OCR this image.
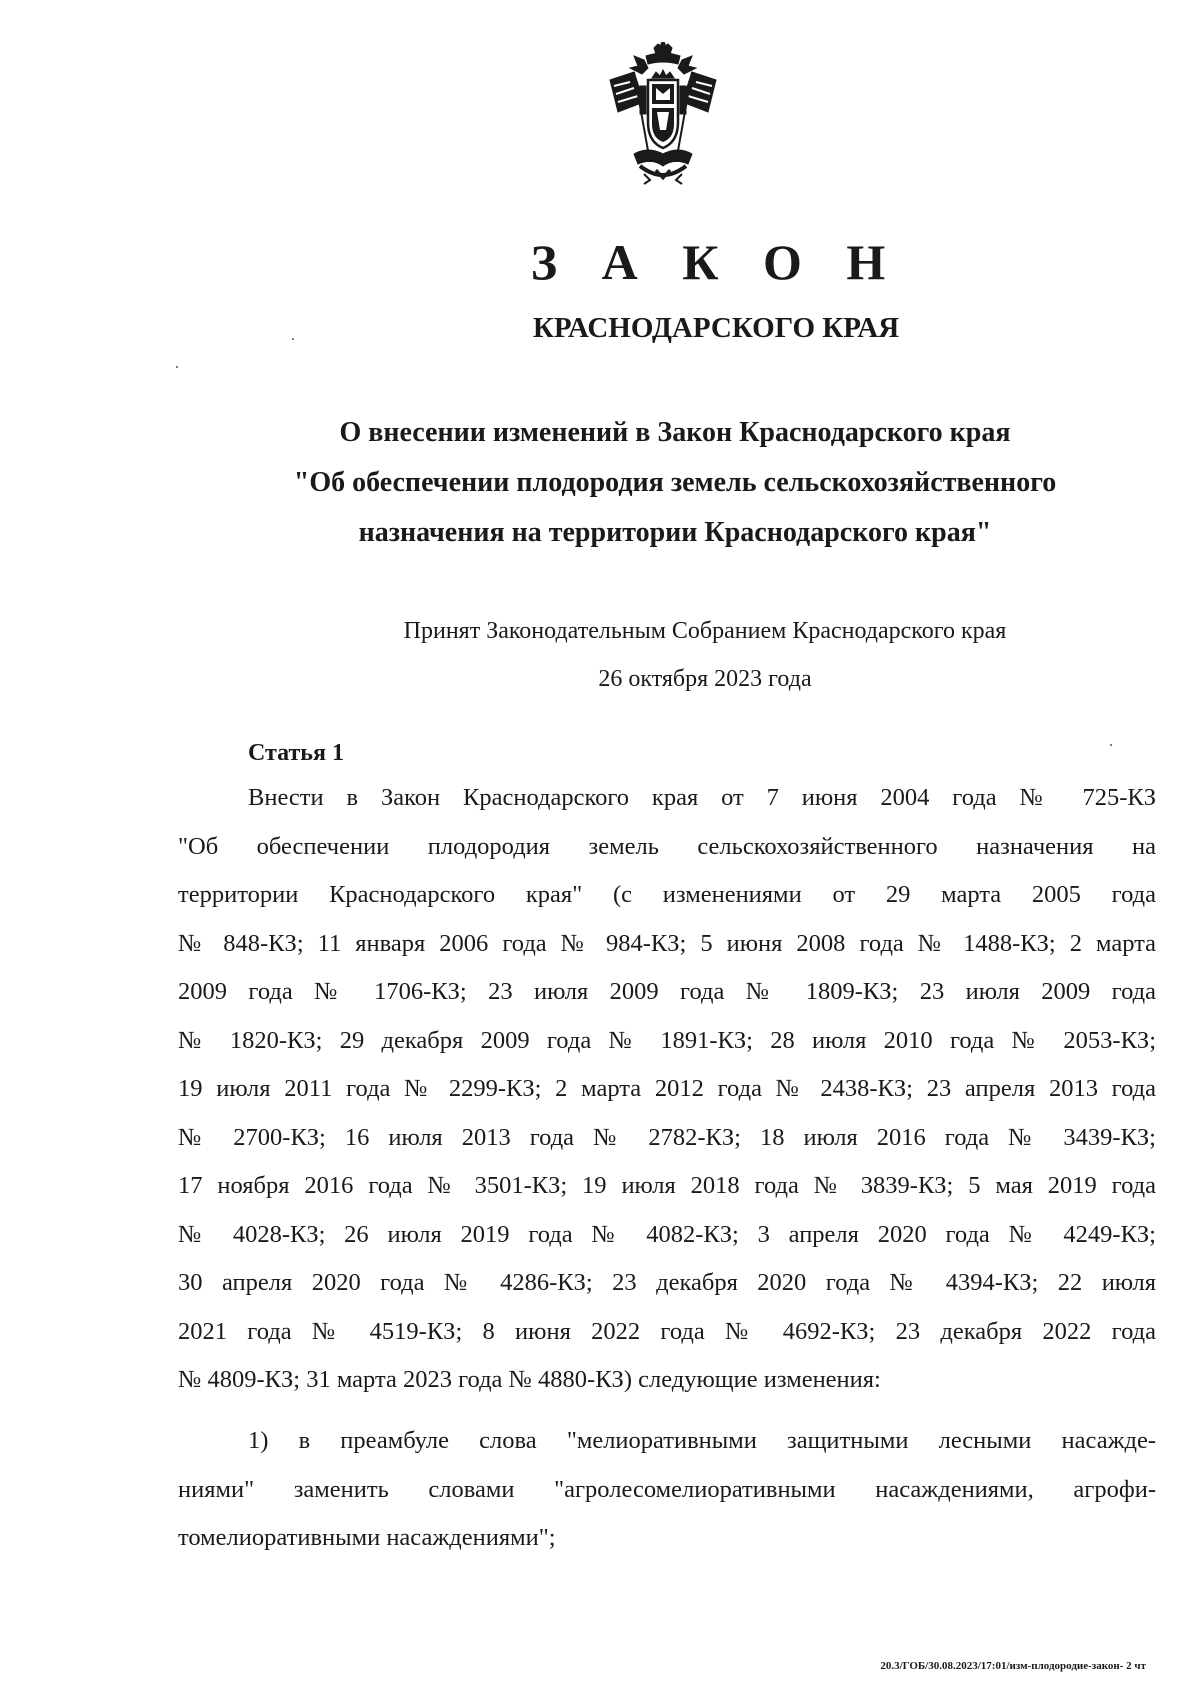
З А К О Н
КРАСНОДАРСКОГО КРАЯ
О внесении изменений в Закон Краснодарского края
"Об обеспечении плодородия земель сельскохозяйственного
назначения на территории Краснодарского края"
Принят Законодательным Собранием Краснодарского края
26 октября 2023 года
Статья 1
Внести в Закон Краснодарского края от 7 июня 2004 года № 725-КЗ
"Об обеспечении плодородия земель сельскохозяйственного назначения на
территории Краснодарского края" (с изменениями от 29 марта 2005 года
№ 848-КЗ; 11 января 2006 года № 984-КЗ; 5 июня 2008 года № 1488-КЗ; 2 марта
2009 года № 1706-КЗ; 23 июля 2009 года № 1809-КЗ; 23 июля 2009 года
№ 1820-КЗ; 29 декабря 2009 года № 1891-КЗ; 28 июля 2010 года № 2053-КЗ;
19 июля 2011 года № 2299-КЗ; 2 марта 2012 года № 2438-КЗ; 23 апреля 2013 года
№ 2700-КЗ; 16 июля 2013 года № 2782-КЗ; 18 июля 2016 года № 3439-КЗ;
17 ноября 2016 года № 3501-КЗ; 19 июля 2018 года № 3839-КЗ; 5 мая 2019 года
№ 4028-КЗ; 26 июля 2019 года № 4082-КЗ; 3 апреля 2020 года № 4249-КЗ;
30 апреля 2020 года № 4286-КЗ; 23 декабря 2020 года № 4394-КЗ; 22 июля
2021 года № 4519-КЗ; 8 июня 2022 года № 4692-КЗ; 23 декабря 2022 года
№ 4809-КЗ; 31 марта 2023 года № 4880-КЗ) следующие изменения:
1) в преамбуле слова "мелиоративными защитными лесными насажде-
ниями" заменить словами "агролесомелиоративными насаждениями, агрофи-
томелиоративными насаждениями";
20.3/ГОБ/30.08.2023/17:01/изм-плодородие-закон- 2 чт
